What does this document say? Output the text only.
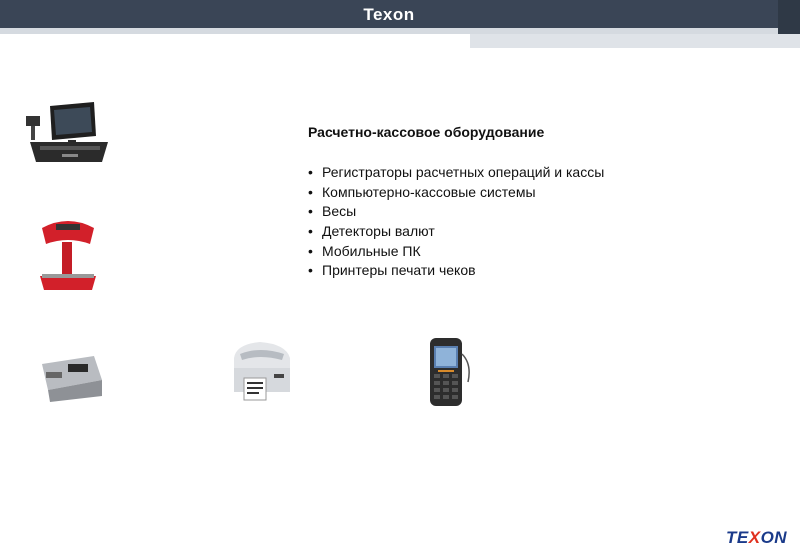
Texon
Расчетно-кассовое оборудование
• Регистраторы расчетных операций и кассы
• Компьютерно-кассовые системы
• Весы
• Детекторы валют
• Мобильные ПК
• Принтеры печати чеков
TEXON
